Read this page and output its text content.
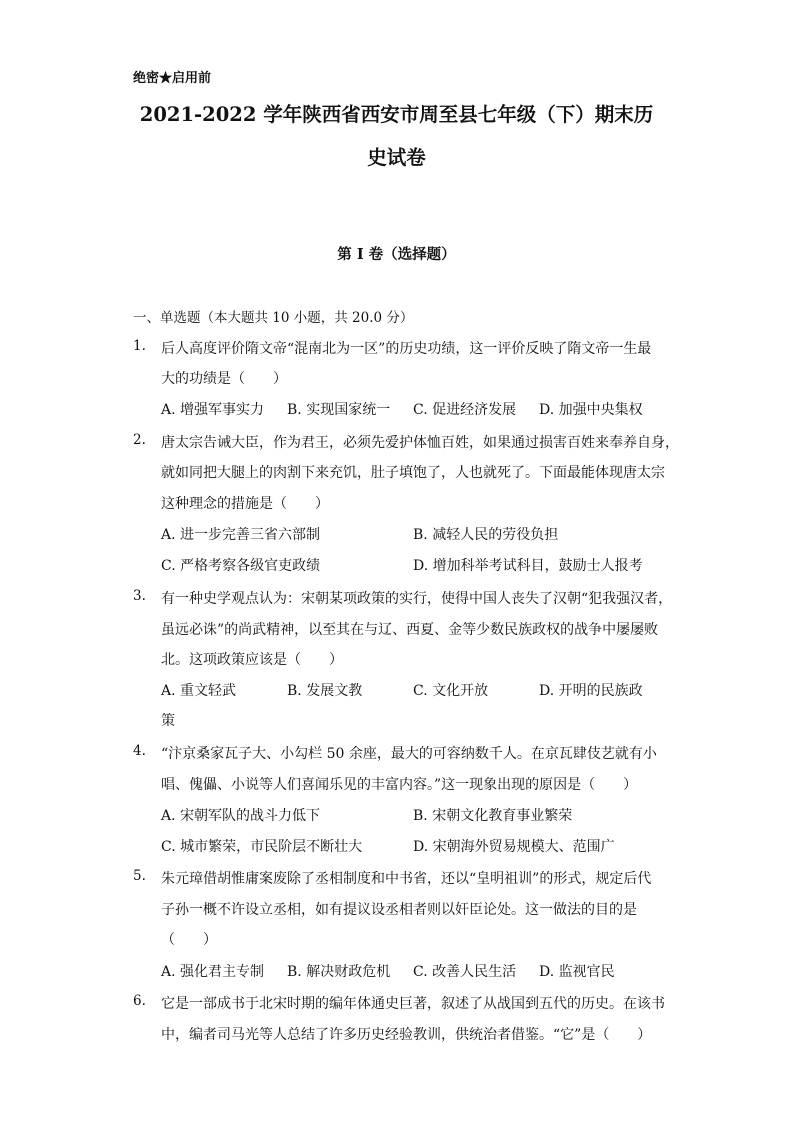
绝密★启用前
2021-2022 学年陕西省西安市周至县七年级（下）期末历
史试卷
第 I 卷（选择题）
一、单选题（本大题共 10 小题，共 20.0 分）
1. 后人高度评价隋文帝“混南北为一区”的历史功绩，这一评价反映了隋文帝一生最
大的功绩是（　　）
A. 增强军事实力 B. 实现国家统一 C. 促进经济发展 D. 加强中央集权
2. 唐太宗告诫大臣，作为君王，必须先爱护体恤百姓，如果通过损害百姓来奉养自身，
就如同把大腿上的肉割下来充饥，肚子填饱了，人也就死了。下面最能体现唐太宗
这种理念的措施是（　　）
A. 进一步完善三省六部制	B. 减轻人民的劳役负担
C. 严格考察各级官吏政绩	D. 增加科举考试科目，鼓励士人报考
3. 有一种史学观点认为：宋朝某项政策的实行，使得中国人丧失了汉朝“犯我强汉者，
虽远必诛”的尚武精神，以至其在与辽、西夏、金等少数民族政权的战争中屡屡败
北。这项政策应该是（　　）
A. 重文轻武	B. 发展文教	C. 文化开放	D. 开明的民族政
策
4. “汴京桑家瓦子大、小勾栏 50 余座，最大的可容纳数千人。在京瓦肆伎艺就有小
唱、傀儡、小说等人们喜闻乐见的丰富内容。”这一现象出现的原因是（　　）
A. 宋朝军队的战斗力低下	B. 宋朝文化教育事业繁荣
C. 城市繁荣，市民阶层不断壮大	D. 宋朝海外贸易规模大、范围广
5. 朱元璋借胡惟庸案废除了丞相制度和中书省，还以“皇明祖训”的形式，规定后代
子孙一概不许设立丞相，如有提议设丞相者则以奸臣论处。这一做法的目的是
（　　）
A. 强化君主专制 B. 解决财政危机 C. 改善人民生活 D. 监视官民
6. 它是一部成书于北宋时期的编年体通史巨著，叙述了从战国到五代的历史。在该书
中，编者司马光等人总结了许多历史经验教训，供统治者借鉴。“它”是（　　）
